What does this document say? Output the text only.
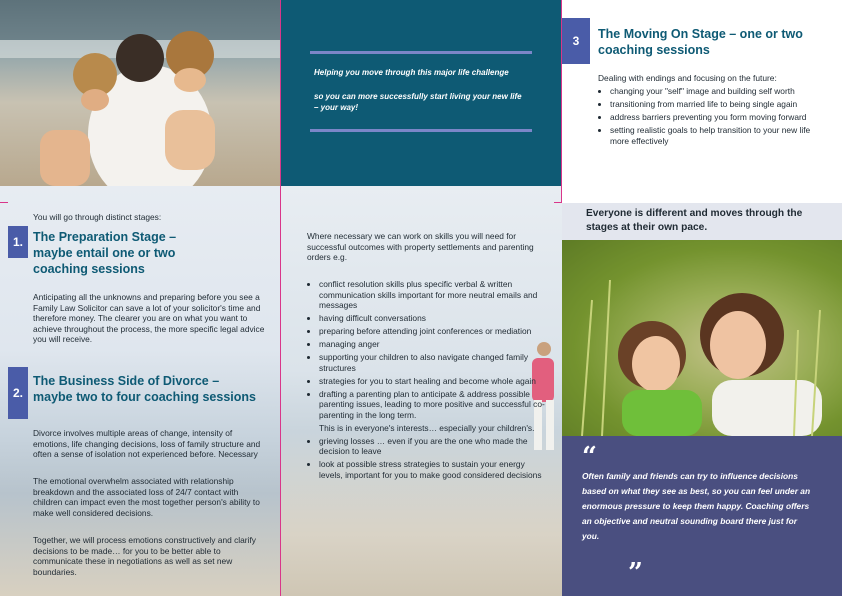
Helping you move through this major life challenge
so you can more successfully start living your new life – your way!
3	The Moving On Stage – one or two coaching sessions
Dealing with endings and focusing on the future:
• changing your "self" image and building self worth
• transitioning from married life to being single again
• address barriers preventing you form moving forward
• setting realistic goals to help transition to your new life more effectively
Everyone is different and moves through the stages at their own pace.
“
Often family and friends can try to influence decisions based on what they see as best, so you can feel under an enormous pressure to keep them happy. Coaching offers an objective and neutral sounding board there just for you.
”
You will go through distinct stages:
1. The Preparation Stage – maybe entail one or two coaching sessions
Anticipating all the unknowns and preparing before you see a Family Law Solicitor can save a lot of your solicitor's time and therefore money. The clearer you are on what you want to achieve throughout the process, the more specific legal advice you will receive.
2.
The Business Side of Divorce – maybe two to four coaching sessions
Divorce involves multiple areas of change, intensity of emotions, life changing decisions, loss of family structure and often a sense of isolation not experienced before. Necessary
The emotional overwhelm associated with relationship breakdown and the associated loss of 24/7 contact with children can impact even the most together person's ability to make well considered decisions.
Together, we will process emotions constructively and clarify decisions to be made… for you to be better able to communicate these in negotiations as well as set new boundaries.
Where necessary we can work on skills you will need for successful outcomes with property settlements and parenting orders e.g.
• conflict resolution skills plus specific verbal & written communication skills important for more neutral emails and messages
• having difficult conversations
• preparing before attending joint conferences or mediation
• managing anger
• supporting your children to also navigate changed family structures
• strategies for you to start healing and become whole again
• drafting a parenting plan to anticipate & address possible parenting issues, leading to more positive and successful co-parenting in the long term.
This is in everyone's interests… especially your children's.
• grieving losses … even if you are the one who made the decision to leave
• look at possible stress strategies to sustain your energy levels, important for you to make good considered decisions
